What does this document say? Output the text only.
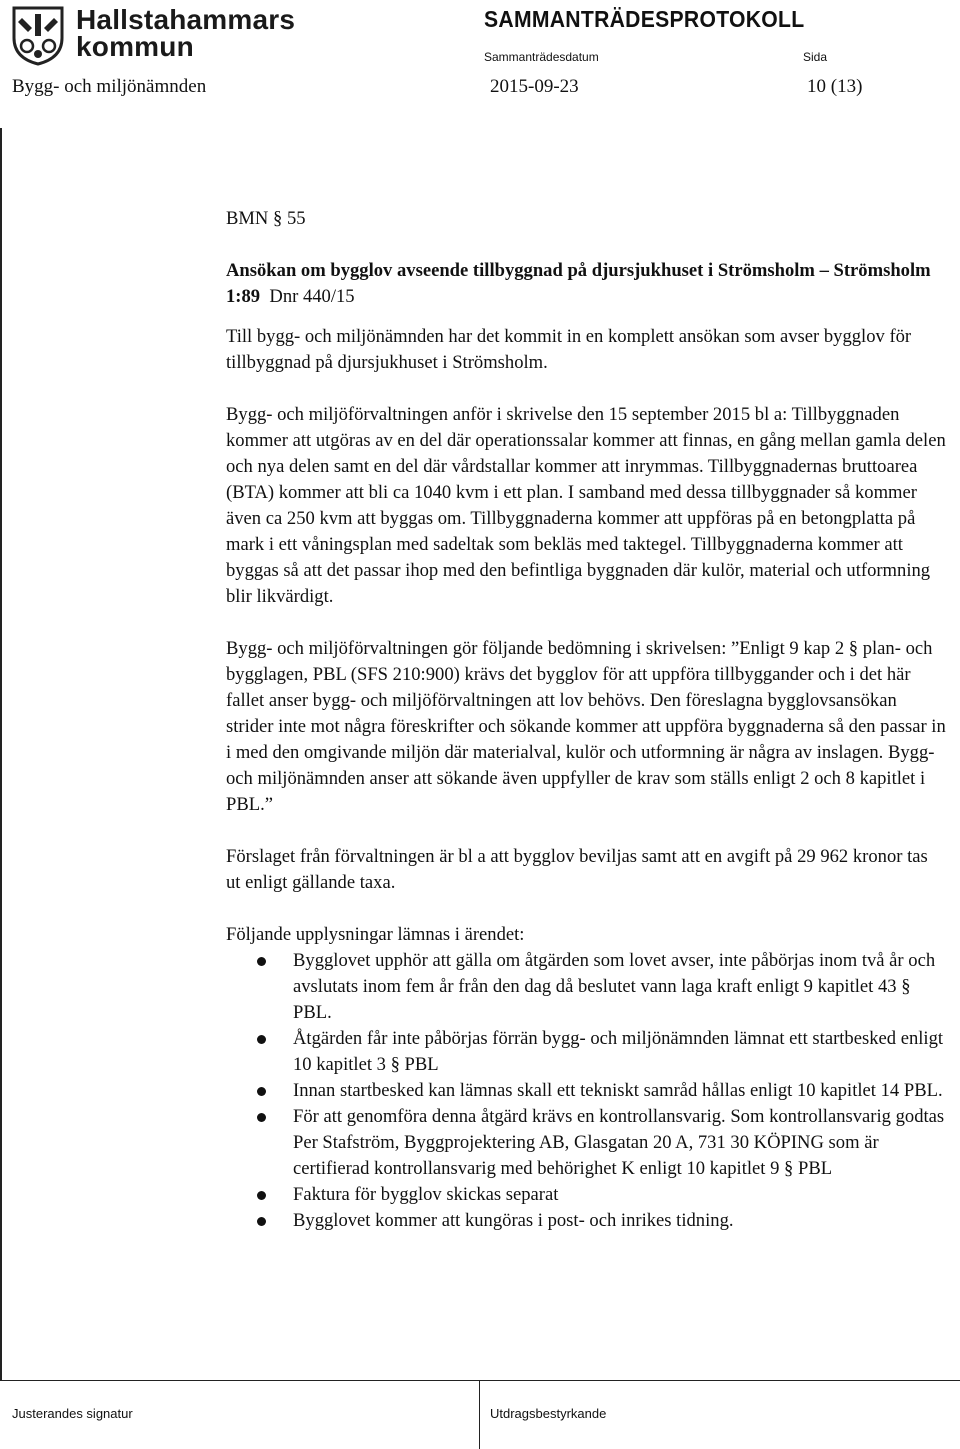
Hallstahammars
kommun
SAMMANTRÄDESPROTOKOLL
Sammanträdesdatum	Sida
Bygg- och miljönämnden	2015-09-23	10 (13)

BMN § 55

Ansökan om bygglov avseende tillbyggnad på djursjukhuset i Strömsholm – Strömsholm 1:89 Dnr 440/15

Till bygg- och miljönämnden har det kommit in en komplett ansökan som avser bygglov för tillbyggnad på djursjukhuset i Strömsholm.

Bygg- och miljöförvaltningen anför i skrivelse den 15 september 2015 bl a: Tillbyggnaden kommer att utgöras av en del där operationssalar kommer att finnas, en gång mellan gamla delen och nya delen samt en del där vårdstallar kommer att inrymmas. Tillbyggnadernas bruttoarea (BTA) kommer att bli ca 1040 kvm i ett plan. I samband med dessa tillbyggnader så kommer även ca 250 kvm att byggas om. Tillbyggnaderna kommer att uppföras på en betongplatta på mark i ett våningsplan med sadeltak som bekläs med taktegel. Tillbyggnaderna kommer att byggas så att det passar ihop med den befintliga byggnaden där kulör, material och utformning blir likvärdigt.

Bygg- och miljöförvaltningen gör följande bedömning i skrivelsen: ”Enligt 9 kap 2 § plan- och bygglagen, PBL (SFS 210:900) krävs det bygglov för att uppföra tillbyggander och i det här fallet anser bygg- och miljöförvaltningen att lov behövs. Den föreslagna bygglovsansökan strider inte mot några föreskrifter och sökande kommer att uppföra byggnaderna så den passar in i med den omgivande miljön där materialval, kulör och utformning är några av inslagen. Bygg- och miljönämnden anser att sökande även uppfyller de krav som ställs enligt 2 och 8 kapitlet i PBL.”

Förslaget från förvaltningen är bl a att bygglov beviljas samt att en avgift på 29 962 kronor tas ut enligt gällande taxa.

Följande upplysningar lämnas i ärendet:

Bygglovet upphör att gälla om åtgärden som lovet avser, inte påbörjas inom två år och avslutats inom fem år från den dag då beslutet vann laga kraft enligt 9 kapitlet 43 § PBL.
Åtgärden får inte påbörjas förrän bygg- och miljönämnden lämnat ett startbesked enligt 10 kapitlet 3 § PBL
Innan startbesked kan lämnas skall ett tekniskt samråd hållas enligt 10 kapitlet 14 PBL.
För att genomföra denna åtgärd krävs en kontrollansvarig. Som kontrollansvarig godtas Per Stafström, Byggprojektering AB, Glasgatan 20 A, 731 30 KÖPING som är certifierad kontrollansvarig med behörighet K enligt 10 kapitlet 9 § PBL
Faktura för bygglov skickas separat
Bygglovet kommer att kungöras i post- och inrikes tidning.
Justerandes signatur	Utdragsbestyrkande
